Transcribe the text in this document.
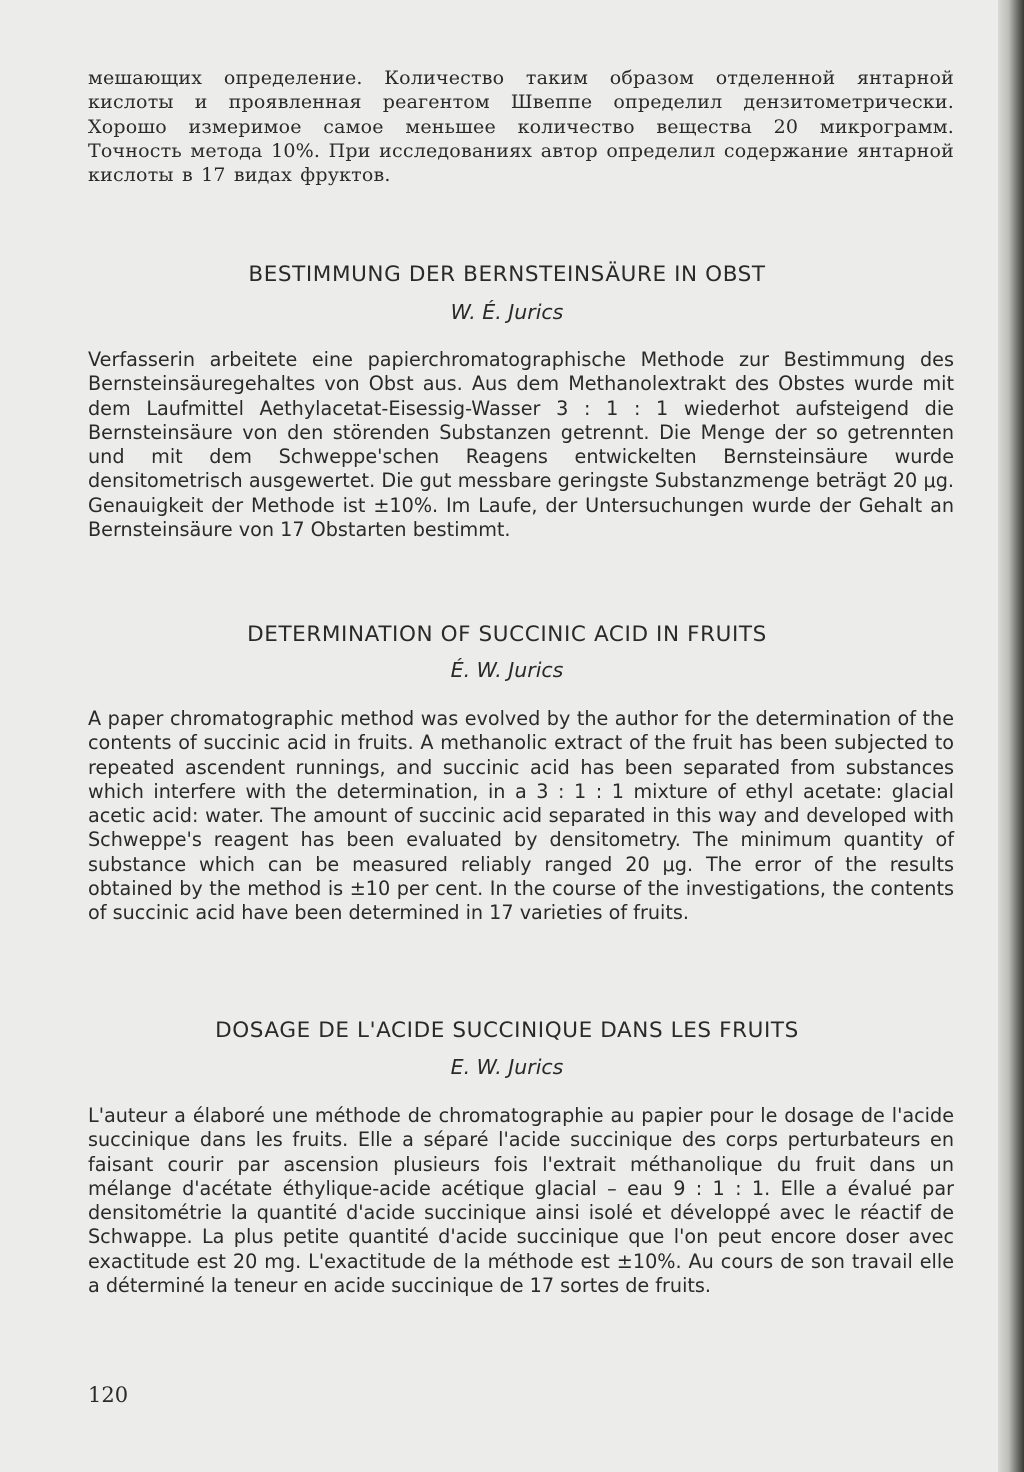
мешающих определение. Количество таким образом отделенной янтарной кислоты и проявленная реагентом Швеппе определил дензитометрически. Хорошо измеримое самое меньшее количество вещества 20 микрограмм. Точность метода 10%. При исследованиях автор определил содержание янтарной кислоты в 17 видах фруктов.

BESTIMMUNG DER BERNSTEINSÄURE IN OBST
W. É. Jurics

Verfasserin arbeitete eine papierchromatographische Methode zur Bestimmung des Bernsteinsäuregehaltes von Obst aus. Aus dem Methanolextrakt des Obstes wurde mit dem Laufmittel Aethylacetat-Eisessig-Wasser 3 : 1 : 1 wiederhot aufsteigend die Bernsteinsäure von den störenden Substanzen getrennt. Die Menge der so getrennten und mit dem Schweppe'schen Reagens entwickelten Bernsteinsäure wurde densitometrisch ausgewertet. Die gut messbare geringste Substanzmenge beträgt 20 μg. Genauigkeit der Methode ist ±10%. Im Laufe, der Untersuchungen wurde der Gehalt an Bernsteinsäure von 17 Obstarten bestimmt.

DETERMINATION OF SUCCINIC ACID IN FRUITS
É. W. Jurics

A paper chromatographic method was evolved by the author for the determination of the contents of succinic acid in fruits. A methanolic extract of the fruit has been subjected to repeated ascendent runnings, and succinic acid has been separated from substances which interfere with the determination, in a 3 : 1 : 1 mixture of ethyl acetate: glacial acetic acid: water. The amount of succinic acid separated in this way and developed with Schweppe's reagent has been evaluated by densitometry. The minimum quantity of substance which can be measured reliably ranged 20 μg. The error of the results obtained by the method is ±10 per cent. In the course of the investigations, the contents of succinic acid have been determined in 17 varieties of fruits.

DOSAGE DE L'ACIDE SUCCINIQUE DANS LES FRUITS
E. W. Jurics

L'auteur a élaboré une méthode de chromatographie au papier pour le dosage de l'acide succinique dans les fruits. Elle a séparé l'acide succinique des corps perturbateurs en faisant courir par ascension plusieurs fois l'extrait méthanolique du fruit dans un mélange d'acétate éthylique-acide acétique glacial – eau 9 : 1 : 1. Elle a évalué par densitométrie la quantité d'acide succinique ainsi isolé et développé avec le réactif de Schwappe. La plus petite quantité d'acide succinique que l'on peut encore doser avec exactitude est 20 mg. L'exactitude de la méthode est ±10%. Au cours de son travail elle a déterminé la teneur en acide succinique de 17 sortes de fruits.

120
